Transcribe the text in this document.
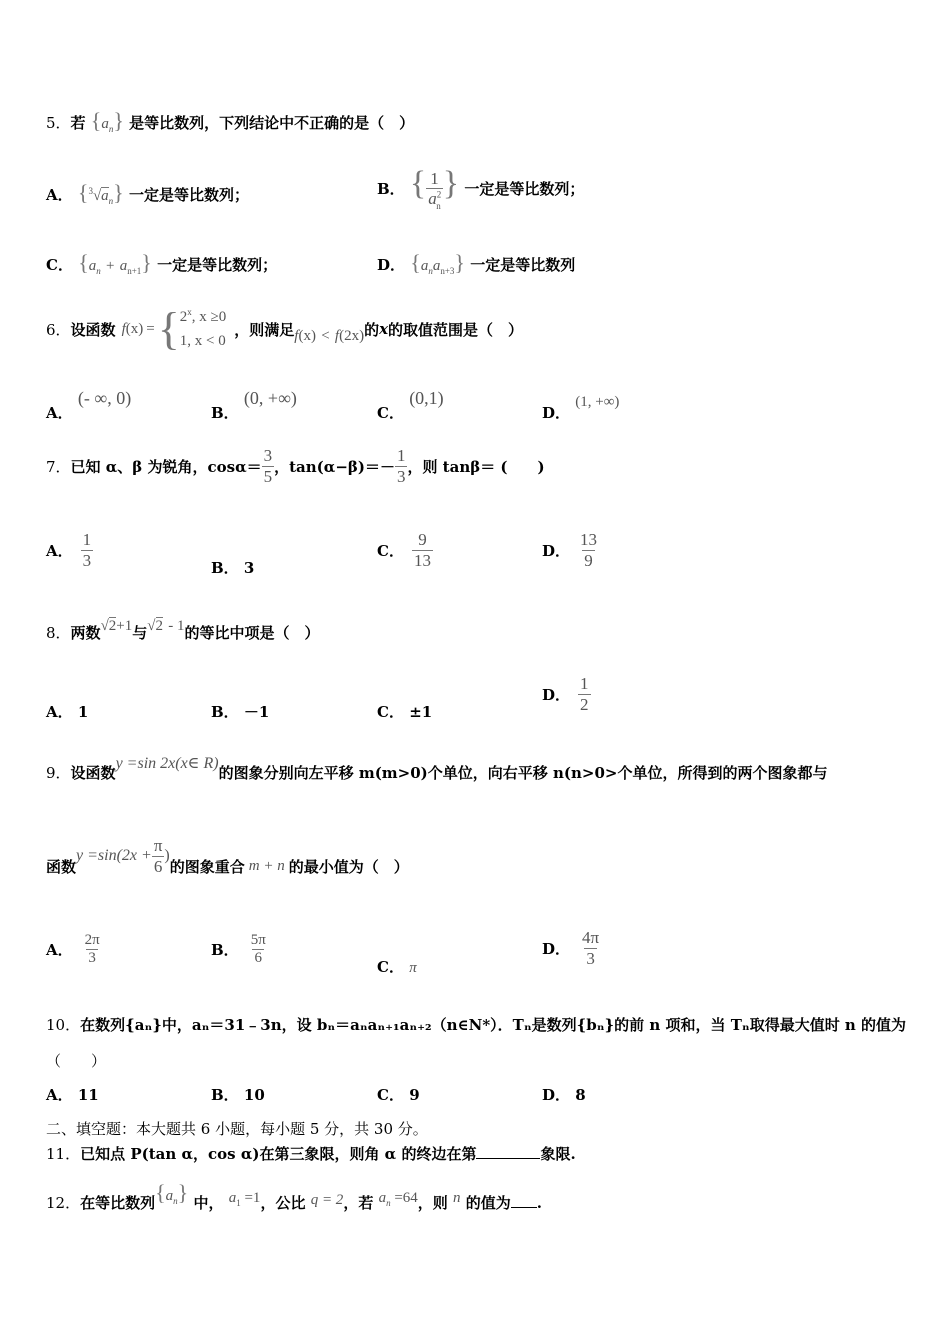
5．若 $\{a_n\}$ 是等比数列，下列结论中不正确的是（　）
A． $\{^3√a_n\}$ 一定是等比数列；	B． { $\frac{1}{a^2_n}$ } 一定是等比数列；
C． $\{a_n + a_{n+1}\}$ 一定是等比数列；	D． $\{a_na_{n+3}\}$ 一定是等比数列
6． 设函数 f (x) = { 2$^x$, x ≥0
1, x < 0
，则满足 f(x) < f(2x) 的 x 的取值范围是（　）
A． (- ∞, 0)
B． (0, +∞)
C． (0,1)
D． (1, +∞)
7． 已知 α、β 为锐角，$\cos\alpha= \frac{3}{5}$ ，$\tan(\alpha-\beta)=- \frac{1}{3}$ ，则 tanβ＝ (　　)
A． $\frac{1}{3}$	B． 3
C． $\frac{9}{13}$	D． $\frac{13}{9}$
8．两数√2+1与√2 - 1的等比中项是（　）
A． 1	B． －1	C． ±1
D． $\frac{1}{2}$
9．设函数y =sin 2x(x∈ R)的图象分别向左平移 m(m>0)个单位，向右平移 n(n>0>个单位，所得到的两个图象都与
函数
$y =\sin(2x + \frac{\pi}{6}$ )
的图象重合 m + n 的最小值为（　）
A． $\frac{2\pi}{3}$	B． $\frac{5\pi}{6}$	C． π
D． $\frac{4\pi}{3}$
10．在数列{aₙ}中，aₙ＝31﹣3n，设 bₙ＝aₙaₙ₊₁aₙ₊₂（n∈N*）．Tₙ是数列{bₙ}的前 n 项和，当 Tₙ取得最大值时 n 的值为
（　　）
A． 11	B． 10	C． 9	D． 8
二、填空题：本大题共 6 小题，每小题 5 分，共 30 分。
11．已知点 P(tan α，cos α)在第三象限，则角 α 的终边在第	象限.
12．在等比数列$\{a_n\}$ 中， $a_1 =1$，公比 q = 2，若 $a_n =64$，则 n 的值为 .
